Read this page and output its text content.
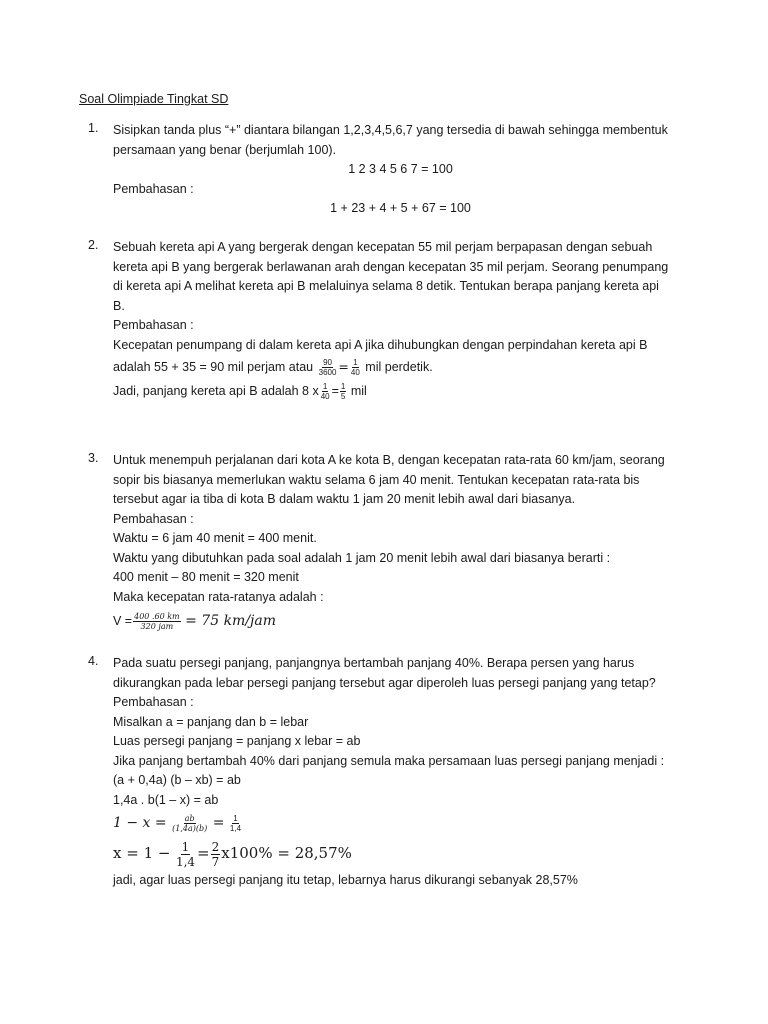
Soal Olimpiade Tingkat SD
1.	Sisipkan tanda plus “+” diantara bilangan 1,2,3,4,5,6,7 yang tersedia di bawah sehingga membentuk

persamaan yang benar (berjumlah 100).

1 2 3 4 5 6 7 = 100

Pembahasan :

1 + 23 + 4 + 5 + 67 = 100

2.	Sebuah kereta api A yang bergerak dengan kecepatan 55 mil perjam berpapasan dengan sebuah

kereta api B yang bergerak berlawanan arah dengan kecepatan 35 mil perjam. Seorang penumpang

di kereta api A melihat kereta api B melaluinya selama 8 detik. Tentukan berapa panjang kereta api

B.

Pembahasan :

Kecepatan penumpang di dalam kereta api A jika dihubungkan dengan perpindahan kereta api B

adalah 55 + 35 = 90 mil perjam atau $\frac{90}{3600} = \frac{1}{40}$ mil perdetik.

Jadi, panjang kereta api B adalah 8 x $\frac{1}{40} = \frac{1}{5}$ mil

3.	Untuk menempuh perjalanan dari kota A ke kota B, dengan kecepatan rata-rata 60 km/jam, seorang

sopir bis biasanya memerlukan waktu selama 6 jam 40 menit. Tentukan kecepatan rata-rata bis

tersebut agar ia tiba di kota B dalam waktu 1 jam 20 menit lebih awal dari biasanya.

Pembahasan :

Waktu = 6 jam 40 menit = 400 menit.

Waktu yang dibutuhkan pada soal adalah 1 jam 20 menit lebih awal dari biasanya berarti :

400 menit – 80 menit = 320 menit

Maka kecepatan rata-ratanya adalah :

$V = \frac{400 .60 km}{\text{320 jam}} = 75$ km/jam

4.	Pada suatu persegi panjang, panjangnya bertambah panjang 40%. Berapa persen yang harus

dikurangkan pada lebar persegi panjang tersebut agar diperoleh luas persegi panjang yang tetap?

Pembahasan :

Misalkan a = panjang dan b = lebar

Luas persegi panjang = panjang x lebar = ab

Jika panjang bertambah 40% dari panjang semula maka persamaan luas persegi panjang menjadi :

(a + 0,4a) (b – xb) = ab

1,4a . b(1 – x) = ab

$1 - x = \frac{ab}{(1,4a)(b)} = \frac{1}{1,4}$

$x = 1 - \frac{1}{1,4} = \frac{2}{7} x100\% = 28,57\%$

jadi, agar luas persegi panjang itu tetap, lebarnya harus dikurangi sebanyak 28,57%
